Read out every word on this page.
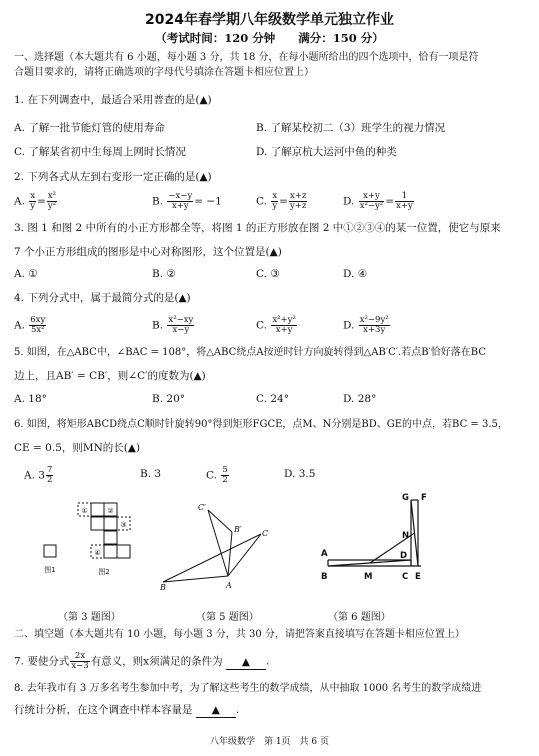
2024年春学期八年级数学单元独立作业
（考试时间：120 分钟　　满分：150 分）
一、选择题（本大题共有 6 小题，每小题 3 分，共 18 分，在每小题所给出的四个选项中，恰有一项是符
合题目要求的，请将正确选项的字母代号填涂在答题卡相应位置上）
1. 在下列调查中，最适合采用普查的是(▲)
A. 了解一批节能灯管的使用寿命	B. 了解某校初二（3）班学生的视力情况
C. 了解某省初中生每周上网时长情况	D. 了解京杭大运河中鱼的种类
2. 下列各式从左到右变形一定正确的是(▲)
A. $\frac{x}{y} = \frac{\text{x²}}{\text{y²}}$	B. $\frac{-x-y}{x+y} = -1$	C. $\frac{x}{y} = \frac{x+z}{y+z}$	D. $\frac{x+y}{\text{x²−y²}} = \frac{1}{x+y}$
3. 图 1 和图 2 中所有的小正方形都全等，将图 1 的正方形放在图 2 中①②③④的某一位置，使它与原来
7 个小正方形组成的图形是中心对称图形，这个位置是(▲)
A. ①	B. ②	C. ③	D. ④
4. 下列分式中，属于最简分式的是(▲)
A. $\frac{6xy}{\text{5x²}}$	B. $\frac{\text{x²−xy}}{x-y}$	C. $\frac{\text{x²+y²}}{x+y}$	D. $\frac{\text{x²−9y²}}{x+3y}$
5. 如图，在△ABC中，∠BAC = 108°，将△ABC绕点A按逆时针方向旋转得到△AB′C′.若点B′恰好落在BC
边上，且AB′ = CB′，则∠C′的度数为(▲)
A. 18°	B. 20°	C. 24°	D. 28°
6. 如图，将矩形ABCD绕点C顺时针旋转90°得到矩形FGCE，点M、N分别是BD、GE的中点，若BC = 3.5，
CE = 0.5，则MN的长(▲)
A. $3 \frac{7}{2}$	B. 3	C. $\frac{5}{2}$	D. 3.5
①	②
③
④
图1	图2
C′
B′	C
A
B
G F
A	D
N
B	M	C E
（第 3 题图）	（第 5 题图）	（第 6 题图）
二、填空题（本大题共有 10 小题，每小题 3 分，共 30 分，请把答案直接填写在答题卡相应位置上）
7. 要使分式 $\frac{2x}{x-3}$ 有意义，则x须满足的条件为 ▲ .
8. 去年我市有 3 万多名考生参加中考，为了解这些考生的数学成绩，从中抽取 1000 名考生的数学成绩进
行统计分析，在这个调查中样本容量是 ▲ .
八年级数学　第 1页　共 6 页
